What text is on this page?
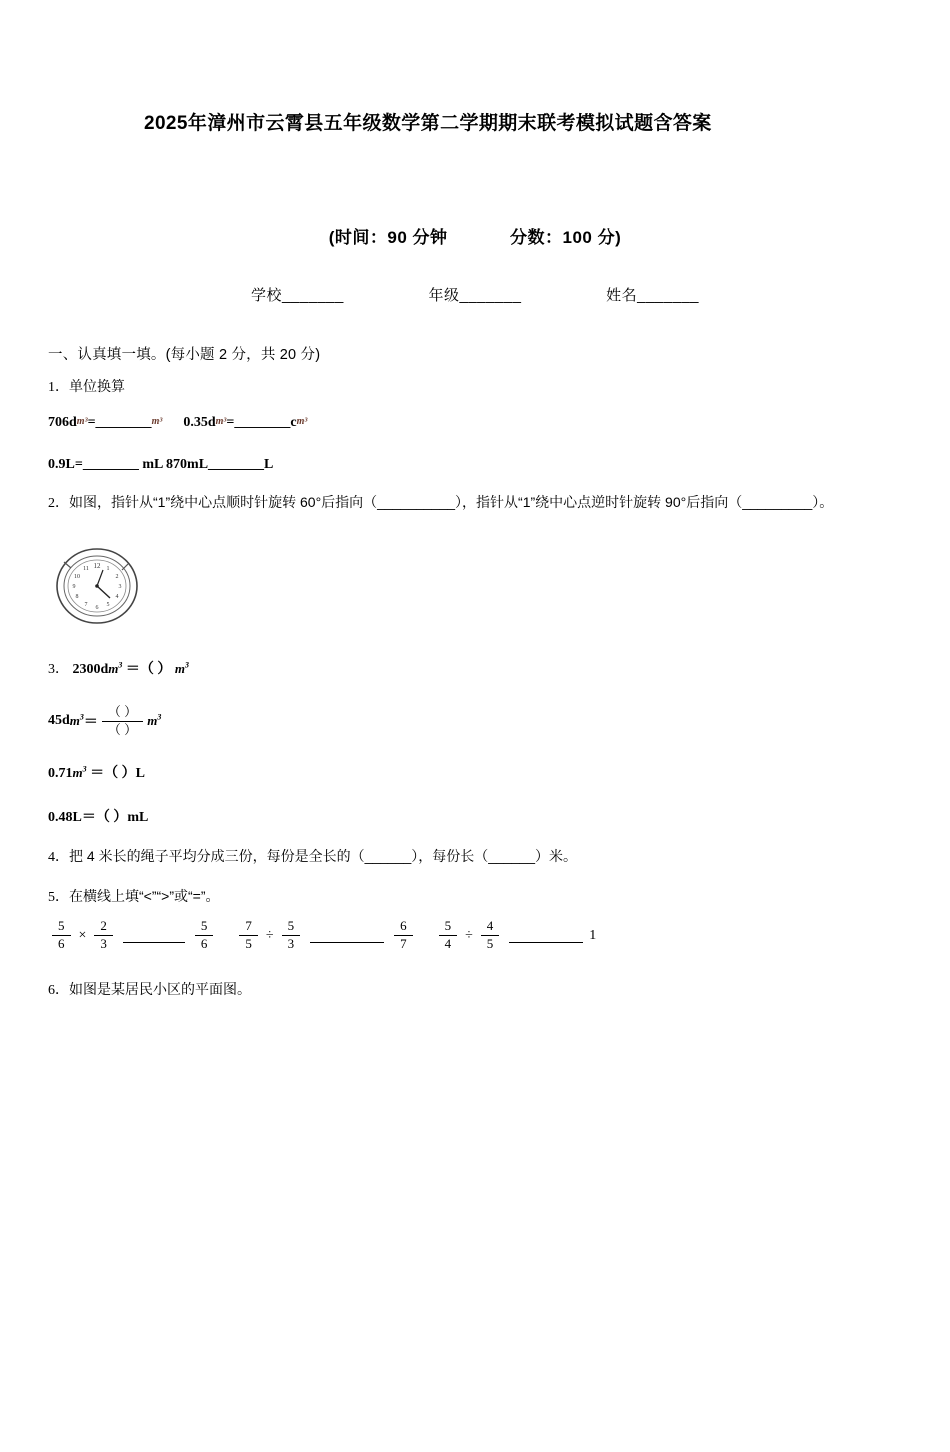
2025年漳州市云霄县五年级数学第二学期期末联考模拟试题含答案
(时间：90 分钟	分数：100 分)
学校_______	年级_______	姓名_______
一、认真填一填。(每小题 2 分，共 20 分)
1．单位换算
706dm³=________m³ 0.35dm³=________cm³
0.9L=________ mL 870mL________L
2．如图，指针从“1”绕中心点顺时针旋转 60°后指向（__________），指针从“1”绕中心点逆时针旋转 90°后指向（_________）。
12 1
2
3
4
5
6
7
8
9
10
11
3． $2300dm^3$ ＝（ ） $m^3$
45d $m^3 = \frac{( )}{( )} m^3$
$0.71m^3$ ＝（ ）L
0.48L＝（ ）mL
4．把 4 米长的绳子平均分成三份，每份是全长的（______），每份长（______）米。
5．在横线上填“<”“>”或“=”。
$\frac{5}{6} \times \frac{2}{3}$	$\frac{5}{6} \frac{7}{5} \div \frac{5}{3}$	$\frac{6}{7} \frac{5}{4} \div \frac{4}{5}$	1
6．如图是某居民小区的平面图。
